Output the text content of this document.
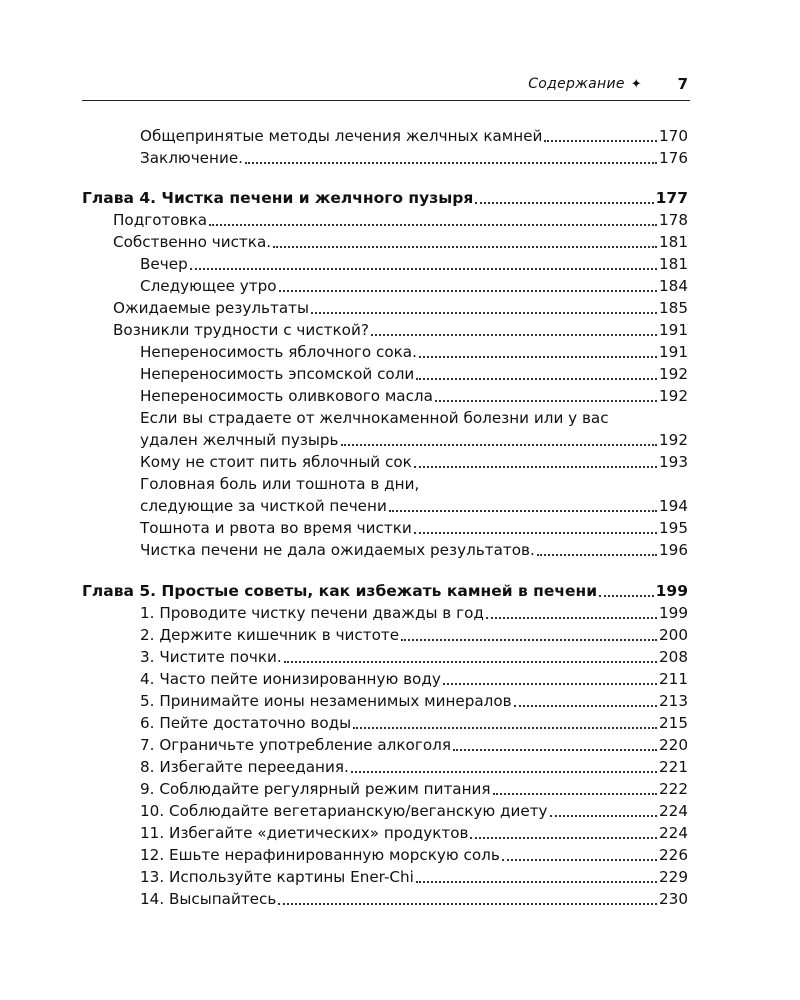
Содержание ✦ 7
Общепринятые методы лечения желчных камней	170
Заключение.	176
Глава 4. Чистка печени и желчного пузыря	177
Подготовка	178
Собственно чистка.	181
Вечер	181
Следующее утро	184
Ожидаемые результаты	185
Возникли трудности с чисткой?	191
Непереносимость яблочного сока.	191
Непереносимость эпсомской соли	192
Непереносимость оливкового масла	192
Если вы страдаете от желчнокаменной болезни или у вас
удален желчный пузырь	192
Кому не стоит пить яблочный сок	193
Головная боль или тошнота в дни,
следующие за чисткой печени	194
Тошнота и рвота во время чистки	195
Чистка печени не дала ожидаемых результатов.	196
Глава 5. Простые советы, как избежать камней в печени	199
1. Проводите чистку печени дважды в год	199
2. Держите кишечник в чистоте	200
3. Чистите почки.	208
4. Часто пейте ионизированную воду	211
5. Принимайте ионы незаменимых минералов	213
6. Пейте достаточно воды	215
7. Ограничьте употребление алкоголя	220
8. Избегайте переедания.	221
9. Соблюдайте регулярный режим питания	222
10. Соблюдайте вегетарианскую/веганскую диету	224
11. Избегайте «диетических» продуктов	224
12. Ешьте нерафинированную морскую соль	226
13. Используйте картины Ener-Chi	229
14. Высыпайтесь	230
